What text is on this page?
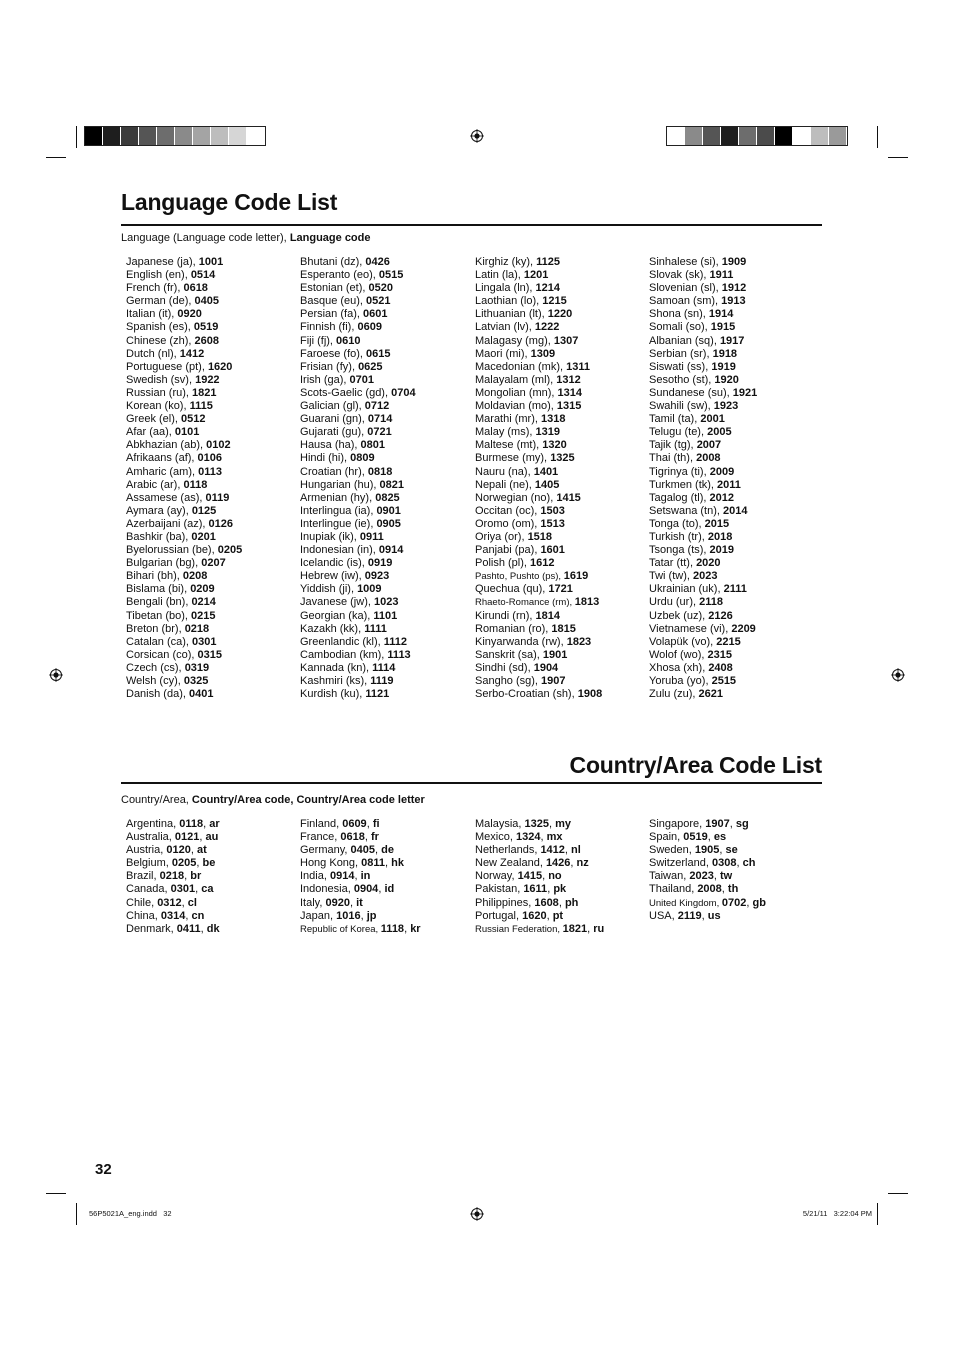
Language Code List
Language (Language code letter), Language code
Japanese (ja), 1001
English (en), 0514
French (fr), 0618
German (de), 0405
Italian (it), 0920
Spanish (es), 0519
Chinese (zh), 2608
Dutch (nl), 1412
Portuguese (pt), 1620
Swedish (sv), 1922
Russian (ru), 1821
Korean (ko), 1115
Greek (el), 0512
Afar (aa), 0101
Abkhazian (ab), 0102
Afrikaans (af), 0106
Amharic (am), 0113
Arabic (ar), 0118
Assamese (as), 0119
Aymara (ay), 0125
Azerbaijani (az), 0126
Bashkir (ba), 0201
Byelorussian (be), 0205
Bulgarian (bg), 0207
Bihari (bh), 0208
Bislama (bi), 0209
Bengali (bn), 0214
Tibetan (bo), 0215
Breton (br), 0218
Catalan (ca), 0301
Corsican (co), 0315
Czech (cs), 0319
Welsh (cy), 0325
Danish (da), 0401
Bhutani (dz), 0426
Esperanto (eo), 0515
Estonian (et), 0520
Basque (eu), 0521
Persian (fa), 0601
Finnish (fi), 0609
Fiji (fj), 0610
Faroese (fo), 0615
Frisian (fy), 0625
Irish (ga), 0701
Scots-Gaelic (gd), 0704
Galician (gl), 0712
Guarani (gn), 0714
Gujarati (gu), 0721
Hausa (ha), 0801
Hindi (hi), 0809
Croatian (hr), 0818
Hungarian (hu), 0821
Armenian (hy), 0825
Interlingua (ia), 0901
Interlingue (ie), 0905
Inupiak (ik), 0911
Indonesian (in), 0914
Icelandic (is), 0919
Hebrew (iw), 0923
Yiddish (ji), 1009
Javanese (jw), 1023
Georgian (ka), 1101
Kazakh (kk), 1111
Greenlandic (kl), 1112
Cambodian (km), 1113
Kannada (kn), 1114
Kashmiri (ks), 1119
Kurdish (ku), 1121
Kirghiz (ky), 1125
Latin (la), 1201
Lingala (ln), 1214
Laothian (lo), 1215
Lithuanian (lt), 1220
Latvian (lv), 1222
Malagasy (mg), 1307
Maori (mi), 1309
Macedonian (mk), 1311
Malayalam (ml), 1312
Mongolian (mn), 1314
Moldavian (mo), 1315
Marathi (mr), 1318
Malay (ms), 1319
Maltese (mt), 1320
Burmese (my), 1325
Nauru (na), 1401
Nepali (ne), 1405
Norwegian (no), 1415
Occitan (oc), 1503
Oromo (om), 1513
Oriya (or), 1518
Panjabi (pa), 1601
Polish (pl), 1612
Pashto, Pushto (ps), 1619
Quechua (qu), 1721
Rhaeto-Romance (rm), 1813
Kirundi (rn), 1814
Romanian (ro), 1815
Kinyarwanda (rw), 1823
Sanskrit (sa), 1901
Sindhi (sd), 1904
Sangho (sg), 1907
Serbo-Croatian (sh), 1908
Sinhalese (si), 1909
Slovak (sk), 1911
Slovenian (sl), 1912
Samoan (sm), 1913
Shona (sn), 1914
Somali (so), 1915
Albanian (sq), 1917
Serbian (sr), 1918
Siswati (ss), 1919
Sesotho (st), 1920
Sundanese (su), 1921
Swahili (sw), 1923
Tamil (ta), 2001
Telugu (te), 2005
Tajik (tg), 2007
Thai (th), 2008
Tigrinya (ti), 2009
Turkmen (tk), 2011
Tagalog (tl), 2012
Setswana (tn), 2014
Tonga (to), 2015
Turkish (tr), 2018
Tsonga (ts), 2019
Tatar (tt), 2020
Twi (tw), 2023
Ukrainian (uk), 2111
Urdu (ur), 2118
Uzbek (uz), 2126
Vietnamese (vi), 2209
Volapük (vo), 2215
Wolof (wo), 2315
Xhosa (xh), 2408
Yoruba (yo), 2515
Zulu (zu), 2621
Country/Area Code List
Country/Area, Country/Area code, Country/Area code letter
Argentina, 0118, ar
Australia, 0121, au
Austria, 0120, at
Belgium, 0205, be
Brazil, 0218, br
Canada, 0301, ca
Chile, 0312, cl
China, 0314, cn
Denmark, 0411, dk
Finland, 0609, fi
France, 0618, fr
Germany, 0405, de
Hong Kong, 0811, hk
India, 0914, in
Indonesia, 0904, id
Italy, 0920, it
Japan, 1016, jp
Republic of Korea, 1118, kr
Malaysia, 1325, my
Mexico, 1324, mx
Netherlands, 1412, nl
New Zealand, 1426, nz
Norway, 1415, no
Pakistan, 1611, pk
Philippines, 1608, ph
Portugal, 1620, pt
Russian Federation, 1821, ru
Singapore, 1907, sg
Spain, 0519, es
Sweden, 1905, se
Switzerland, 0308, ch
Taiwan, 2023, tw
Thailand, 2008, th
United Kingdom, 0702, gb
USA, 2119, us
32
56P5021A_eng.indd   32	5/21/11   3:22:04 PM
